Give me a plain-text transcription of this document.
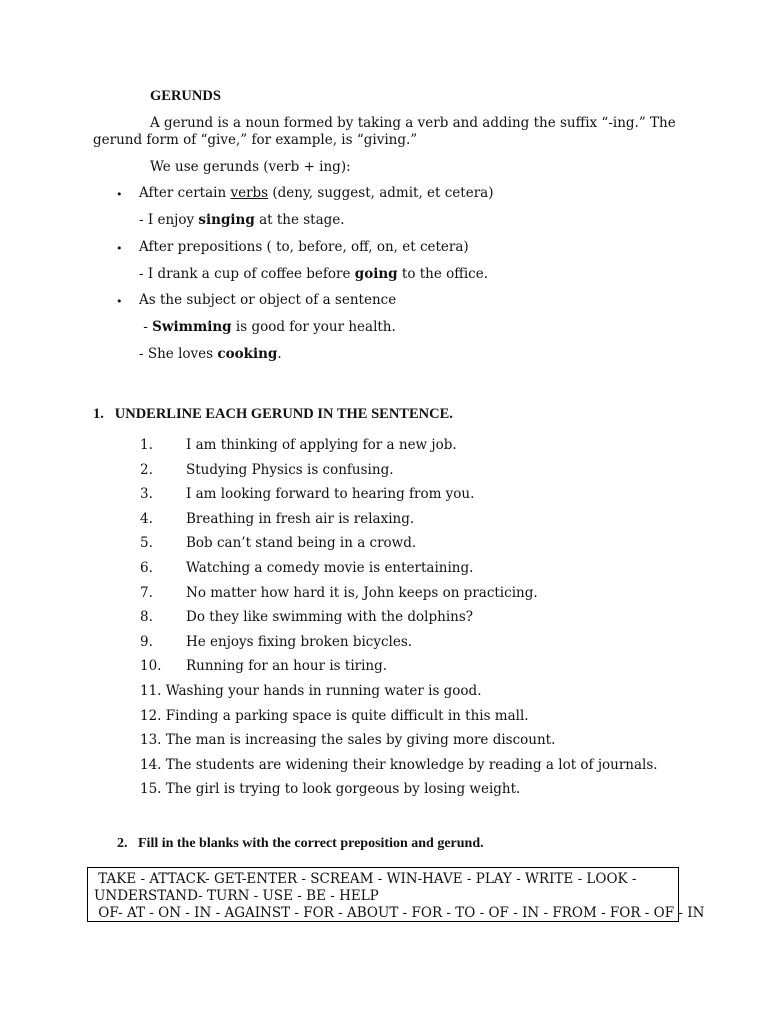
GERUNDS
A gerund is a noun formed by taking a verb and adding the suffix “-ing.” The
gerund form of “give,” for example, is “giving.”
We use gerunds (verb + ing):
• After certain verbs (deny, suggest, admit, et cetera)
- I enjoy singing at the stage.
• After prepositions ( to, before, off, on, et cetera)
- I drank a cup of coffee before going to the office.
• As the subject or object of a sentence
- Swimming is good for your health.
- She loves cooking.
1.   UNDERLINE EACH GERUND IN THE SENTENCE.
1. I am thinking of applying for a new job.
2. Studying Physics is confusing.
3. I am looking forward to hearing from you.
4. Breathing in fresh air is relaxing.
5. Bob can’t stand being in a crowd.
6. Watching a comedy movie is entertaining.
7. No matter how hard it is, John keeps on practicing.
8. Do they like swimming with the dolphins?
9. He enjoys fixing broken bicycles.
10. Running for an hour is tiring.
11. Washing your hands in running water is good.
12. Finding a parking space is quite difficult in this mall.
13. The man is increasing the sales by giving more discount.
14. The students are widening their knowledge by reading a lot of journals.
15. The girl is trying to look gorgeous by losing weight.
2.   Fill in the blanks with the correct preposition and gerund.
TAKE - ATTACK- GET-ENTER - SCREAM - WIN-HAVE - PLAY - WRITE - LOOK -
UNDERSTAND- TURN - USE - BE - HELP
OF- AT - ON - IN - AGAINST - FOR - ABOUT - FOR - TO - OF - IN - FROM - FOR - OF - IN
